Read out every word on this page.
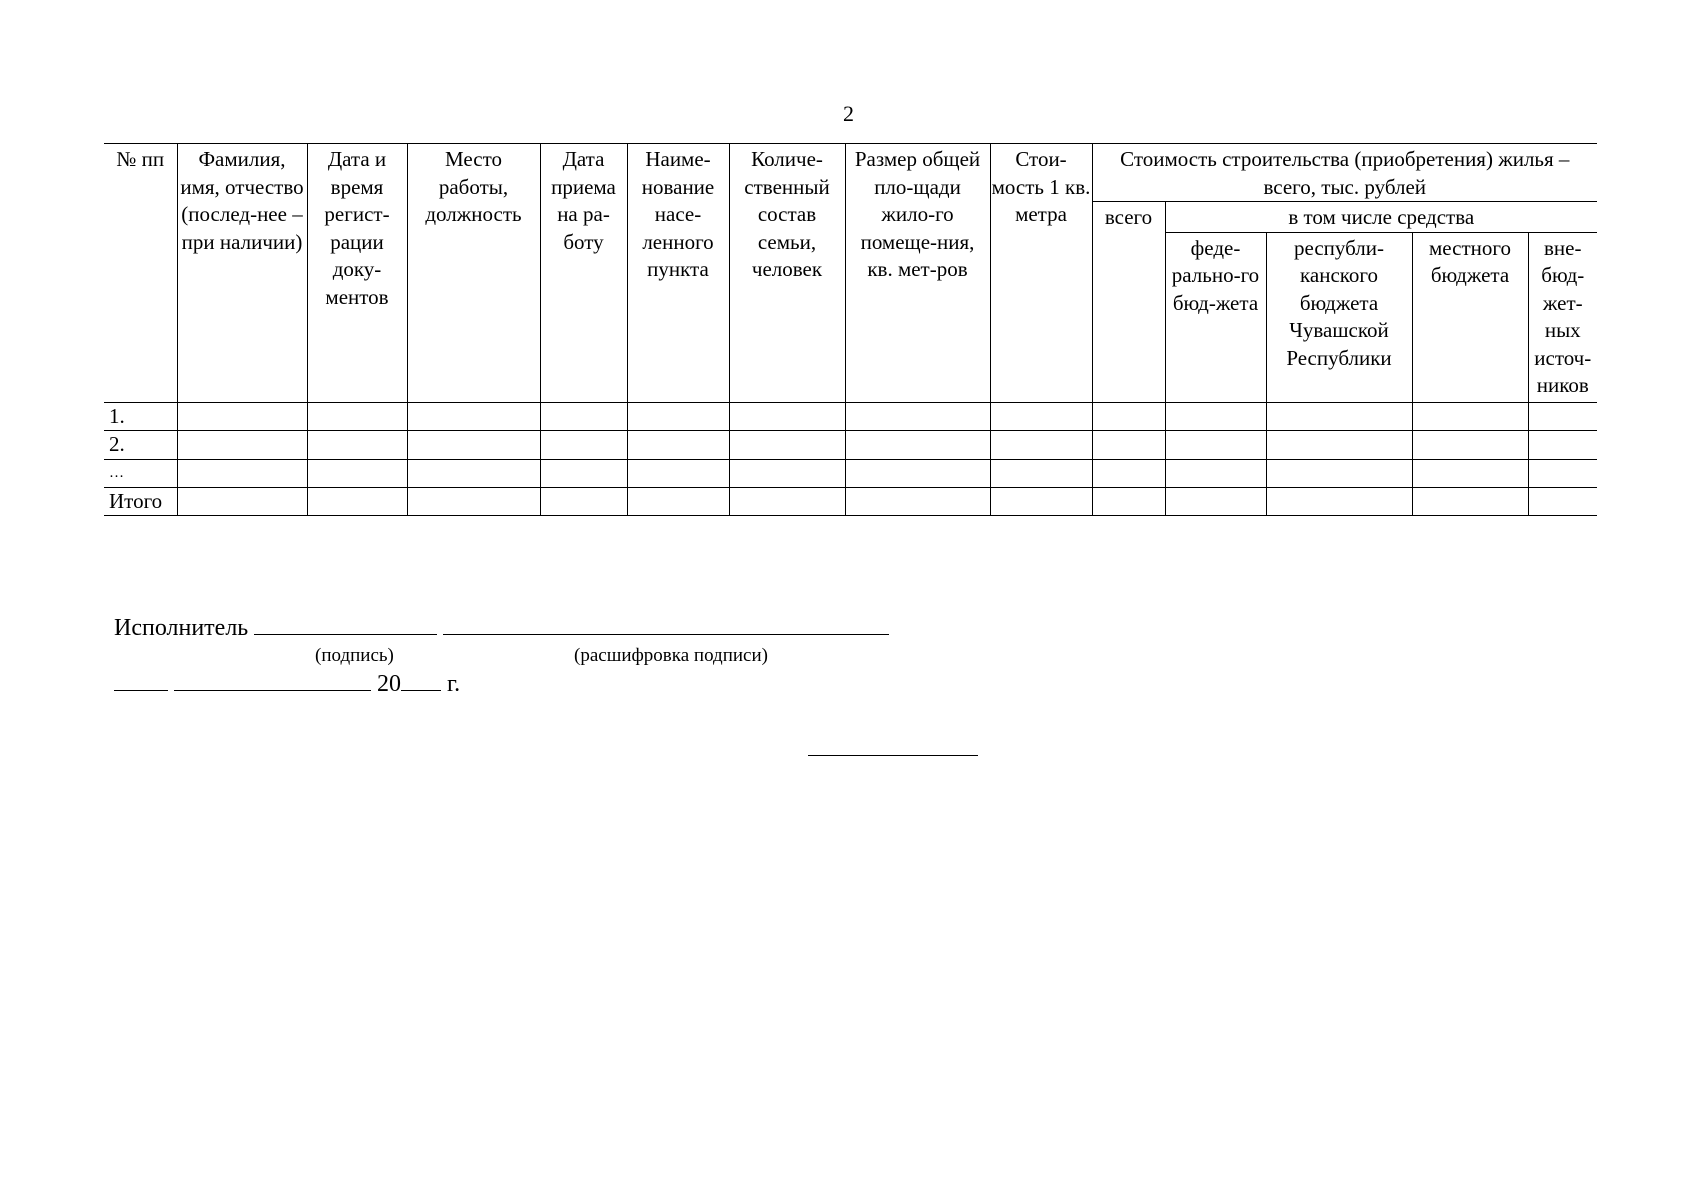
2
№ пп	Фамилия, имя, отчество (послед-нее – при наличии)	Дата и время регист-рации доку-ментов	Место работы, должность	Дата приема на ра-боту	Наиме-нование насе-ленного пункта	Количе-ственный состав семьи, человек	Размер общей пло-щади жило-го помеще-ния, кв. мет-ров	Стои-мость 1 кв. метра	Стоимость строительства (приобретения) жилья – всего, тыс. рублей				
									всего	в том числе средства			
										феде-рально-го бюд-жета	республи-канского бюджета Чувашской Республики	местного бюджета	вне-бюд-жет-ных источ-ников
1.													
2.													
…													
Итого													
Исполнитель
(подпись)	(расшифровка подписи)
20 г.
